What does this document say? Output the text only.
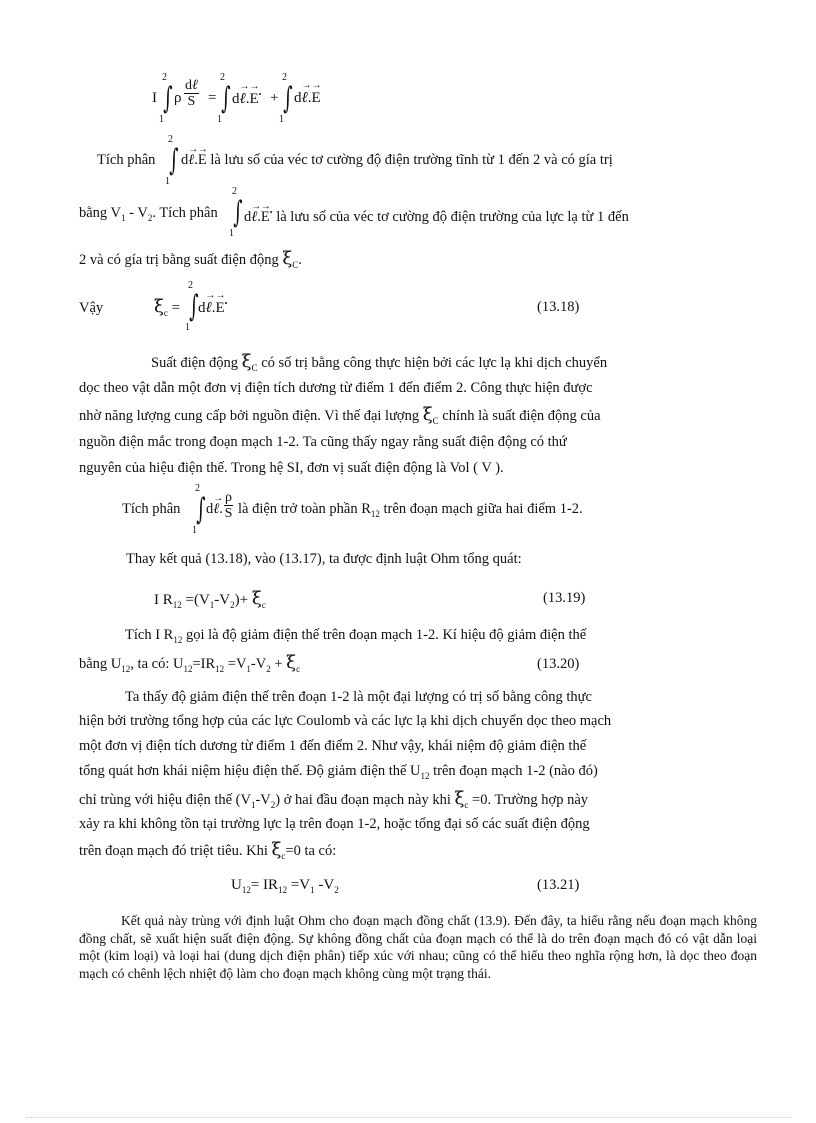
I
2
∫
1
ρ
dℓ
S =
2
∫
1
d→ ℓ.→ E• +
2
∫
1
d→ ℓ.→ E
Tích phân
2
∫
1
d→ ℓ.→ E là lưu số của véc tơ cường độ điện trường tĩnh từ 1 đến 2 và có gía trị
bằng $V_1 - V_2$. Tích phân
2
∫
1
d→ ℓ.→ E• là lưu số của véc tơ cường độ điện trường của lực lạ từ 1 đến
2 và có gía trị bằng suất điện động $\xi_C$.
Vậy	$\xi_c$ =
2
∫
1
d→ ℓ.→ E•	(13.18)
Suất điện động $\xi_C$ có số trị bằng công thực hiện bởi các lực lạ khi dịch chuyển
dọc theo vật dẫn một đơn vị điện tích dương từ điểm 1 đến điểm 2. Công thực hiện được
nhờ năng lượng cung cấp bởi nguồn điện. Vì thế đại lượng $\xi_C$ chính là suất điện động của
nguồn điện mắc trong đoạn mạch 1-2. Ta cũng thấy ngay rằng suất điện động có thứ
nguyên của hiệu điện thế. Trong hệ SI, đơn vị suất điện động là Vol ( V ).
Tích phân
2
∫
1
d→ ℓ. $\frac{\rho}{S}$ là điện trở toàn phần $R_{12}$ trên đoạn mạch giữa hai điểm 1-2.
Thay kết quả (13.18), vào (13.17), ta được định luật Ohm tổng quát:
I $R_{12} =(V_1-V_2)+ \xi_c$	(13.19)
Tích I $R_{12}$ gọi là độ giảm điện thế trên đoạn mạch 1-2. Kí hiệu độ giảm điện thế
bằng $U_{12}$, ta có: $U_{12}=IR_{12} =V_1-V_2 + \xi_c$	(13.20)
Ta thấy độ giảm điện thế trên đoạn 1-2 là một đại lượng có trị số bằng công thực
hiện bởi trường tổng hợp của các lực Coulomb và các lực lạ khi dịch chuyển dọc theo mạch
một đơn vị điện tích dương từ điểm 1 đến điểm 2. Như vậy, khái niệm độ giảm điện thế
tổng quát hơn khái niệm hiệu điện thế. Độ giảm điện thế $U_{12}$ trên đoạn mạch 1-2 (nào đó)
chỉ trùng với hiệu điện thế $(V_1-V_2)$ ở hai đầu đoạn mạch này khi $\xi_c =0$. Trường hợp này
xảy ra khi không tồn tại trường lực lạ trên đoạn 1-2, hoặc tổng đại số các suất điện động
trên đoạn mạch đó triệt tiêu. Khi $\xi_c=0$ ta có:
$U_{12}= IR_{12} =V_1$ $-V_2$	(13.21)
Kết quả này trùng với định luật Ohm cho đoạn mạch đồng chất (13.9). Đến đây, ta hiểu rằng nếu đoạn mạch không đồng chất, sẽ xuất hiện suất điện động. Sự không đồng chất của đoạn mạch có thể là do trên đoạn mạch đó có vật dẫn loại một (kim loại) và loại hai (dung dịch điện phân) tiếp xúc với nhau; cũng có thể hiểu theo nghĩa rộng hơn, là dọc theo đoạn mạch có chênh lệch nhiệt độ làm cho đoạn mạch không cùng một trạng thái.
